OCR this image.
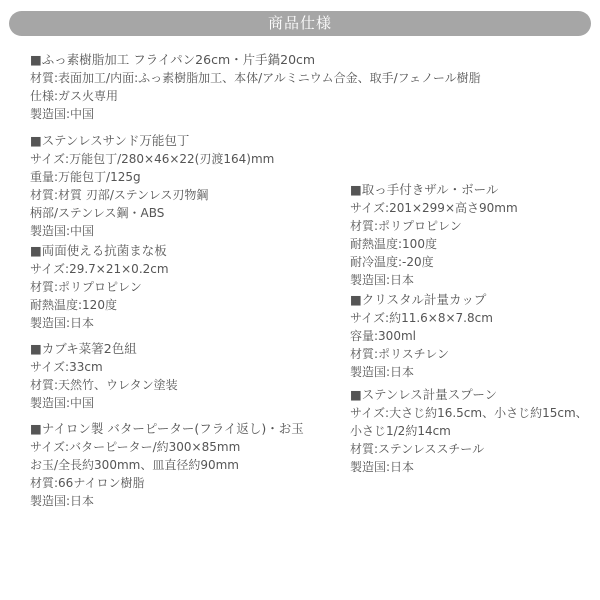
商品仕様
■ふっ素樹脂加工 フライパン26cm・片手鍋20cm
材質:表面加工/内面:ふっ素樹脂加工、本体/アルミニウム合金、取手/フェノール樹脂
仕様:ガス火専用
製造国:中国
■ステンレスサンド万能包丁
サイズ:万能包丁/280×46×22(刃渡164)mm
重量:万能包丁/125g
材質:材質 刃部/ステンレス刃物鋼
柄部/ステンレス鋼・ABS
製造国:中国
■両面使える抗菌まな板
サイズ:29.7×21×0.2cm
材質:ポリプロピレン
耐熱温度:120度
製造国:日本
■カブキ菜箸2色組
サイズ:33cm
材質:天然竹、ウレタン塗装
製造国:中国
■ナイロン製 バターピーター(フライ返し)・お玉
サイズ:バターピーター/約300×85mm
お玉/全長約300mm、皿直径約90mm
材質:66ナイロン樹脂
製造国:日本
■取っ手付きザル・ボール
サイズ:201×299×高さ90mm
材質:ポリプロピレン
耐熱温度:100度
耐冷温度:-20度
製造国:日本
■クリスタル計量カップ
サイズ:約11.6×8×7.8cm
容量:300ml
材質:ポリスチレン
製造国:日本
■ステンレス計量スプーン
サイズ:大さじ約16.5cm、小さじ約15cm、
小さじ1/2約14cm
材質:ステンレススチール
製造国:日本
